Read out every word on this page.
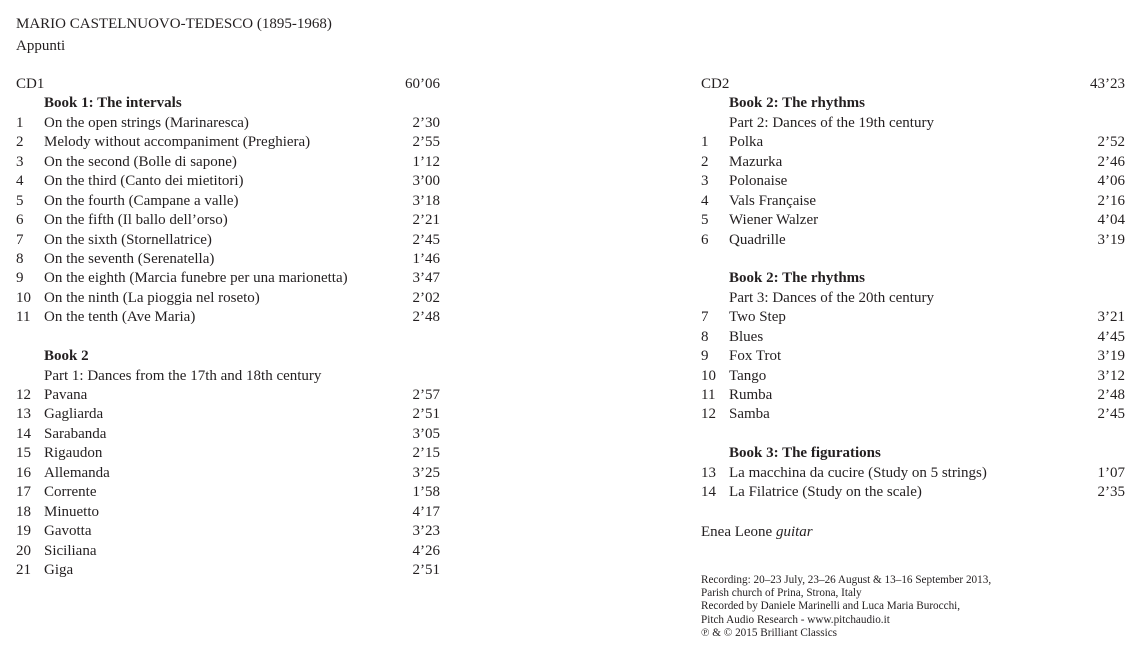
MARIO CASTELNUOVO-TEDESCO (1895-1968)
Appunti
CD1	60’06
Book 1: The intervals
1 On the open strings (Marinaresca)	2’30
2 Melody without accompaniment (Preghiera)	2’55
3 On the second (Bolle di sapone)	1’12
4 On the third (Canto dei mietitori)	3’00
5 On the fourth (Campane a valle)	3’18
6 On the fifth (Il ballo dell’orso)	2’21
7 On the sixth (Stornellatrice)	2’45
8 On the seventh (Serenatella)	1’46
9 On the eighth (Marcia funebre per una marionetta)	3’47
10 On the ninth (La pioggia nel roseto)	2’02
11 On the tenth (Ave Maria)	2’48
Book 2
Part 1: Dances from the 17th and 18th century
12 Pavana	2’57
13 Gagliarda	2’51
14 Sarabanda	3’05
15 Rigaudon	2’15
16 Allemanda	3’25
17 Corrente	1’58
18 Minuetto	4’17
19 Gavotta	3’23
20 Siciliana	4’26
21 Giga	2’51
CD2	43’23
Book 2: The rhythms
Part 2: Dances of the 19th century
1 Polka	2’52
2 Mazurka	2’46
3 Polonaise	4’06
4 Vals Française	2’16
5 Wiener Walzer	4’04
6 Quadrille	3’19
Book 2: The rhythms
Part 3: Dances of the 20th century
7 Two Step	3’21
8 Blues	4’45
9 Fox Trot	3’19
10 Tango	3’12
11 Rumba	2’48
12 Samba	2’45
Book 3: The figurations
13 La macchina da cucire (Study on 5 strings)	1’07
14 La Filatrice (Study on the scale)	2’35
Enea Leone guitar
Recording: 20–23 July, 23–26 August & 13–16 September 2013,
Parish church of Prina, Strona, Italy
Recorded by Daniele Marinelli and Luca Maria Burocchi,
Pitch Audio Research - www.pitchaudio.it
℗ & © 2015 Brilliant Classics
